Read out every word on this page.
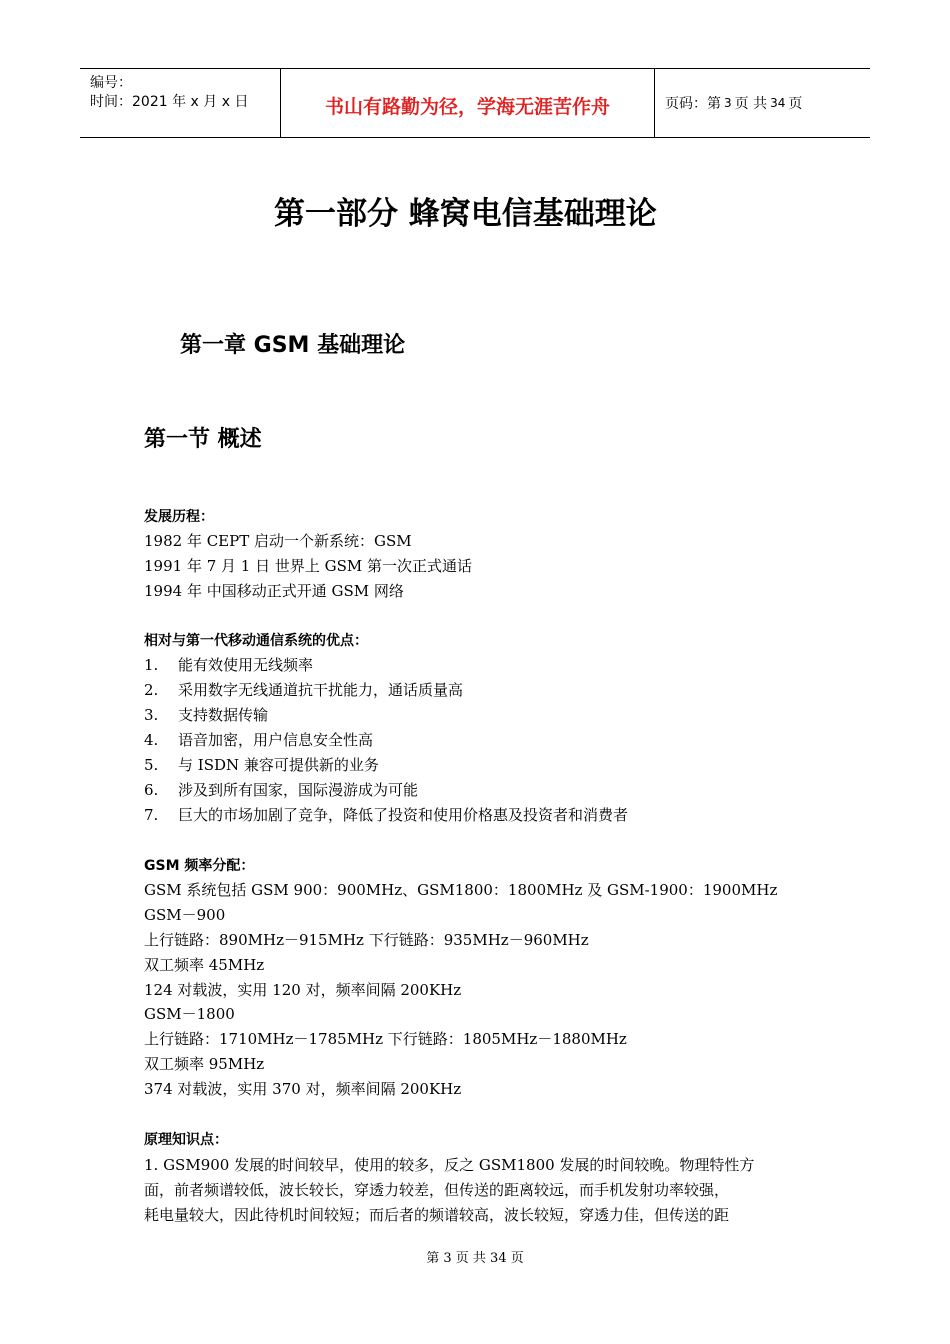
编号：
时间：2021 年 x 月 x 日	书山有路勤为径，学海无涯苦作舟	页码：第 3 页 共 34 页
第一部分 蜂窝电信基础理论
第一章 GSM 基础理论
第一节 概述
发展历程：
1982 年 CEPT 启动一个新系统：GSM
1991 年 7 月 1 日 世界上 GSM 第一次正式通话
1994 年 中国移动正式开通 GSM 网络
相对与第一代移动通信系统的优点：
1. 能有效使用无线频率
2. 采用数字无线通道抗干扰能力，通话质量高
3. 支持数据传输
4. 语音加密，用户信息安全性高
5. 与 ISDN 兼容可提供新的业务
6. 涉及到所有国家，国际漫游成为可能
7. 巨大的市场加剧了竞争，降低了投资和使用价格惠及投资者和消费者
GSM 频率分配：
GSM 系统包括 GSM 900：900MHz、GSM1800：1800MHz 及 GSM-1900：1900MHz
GSM－900
上行链路：890MHz－915MHz 下行链路：935MHz－960MHz
双工频率 45MHz
124 对载波，实用 120 对，频率间隔 200KHz
GSM－1800
上行链路：1710MHz－1785MHz 下行链路：1805MHz－1880MHz
双工频率 95MHz
374 对载波，实用 370 对，频率间隔 200KHz
原理知识点：
1. GSM900 发展的时间较早，使用的较多，反之 GSM1800 发展的时间较晚。物理特性方
面，前者频谱较低，波长较长，穿透力较差，但传送的距离较远，而手机发射功率较强，
耗电量较大，因此待机时间较短；而后者的频谱较高，波长较短，穿透力佳，但传送的距
第 3 页 共 34 页
